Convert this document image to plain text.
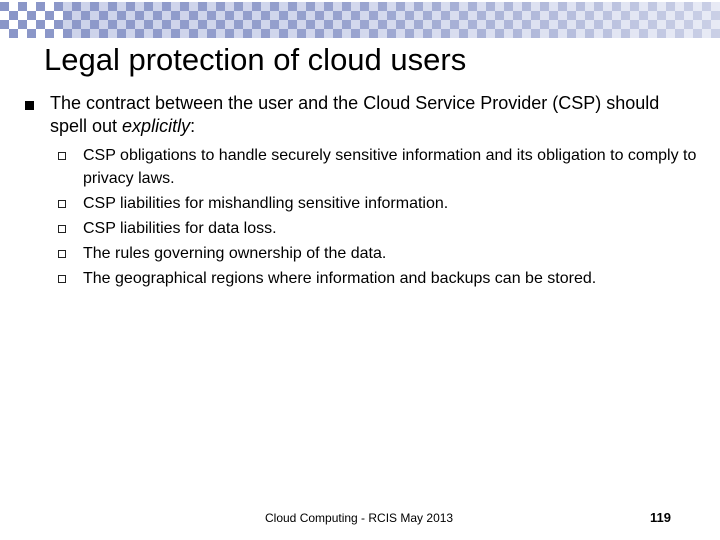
Legal protection of cloud users
The contract between the user and the Cloud Service Provider (CSP) should spell out explicitly:
CSP obligations to handle securely sensitive information and its obligation to comply to privacy laws.
CSP liabilities for mishandling sensitive information.
CSP liabilities for data loss.
The rules governing ownership of the data.
The geographical regions where information and backups can be stored.
Cloud Computing - RCIS May 2013	119
